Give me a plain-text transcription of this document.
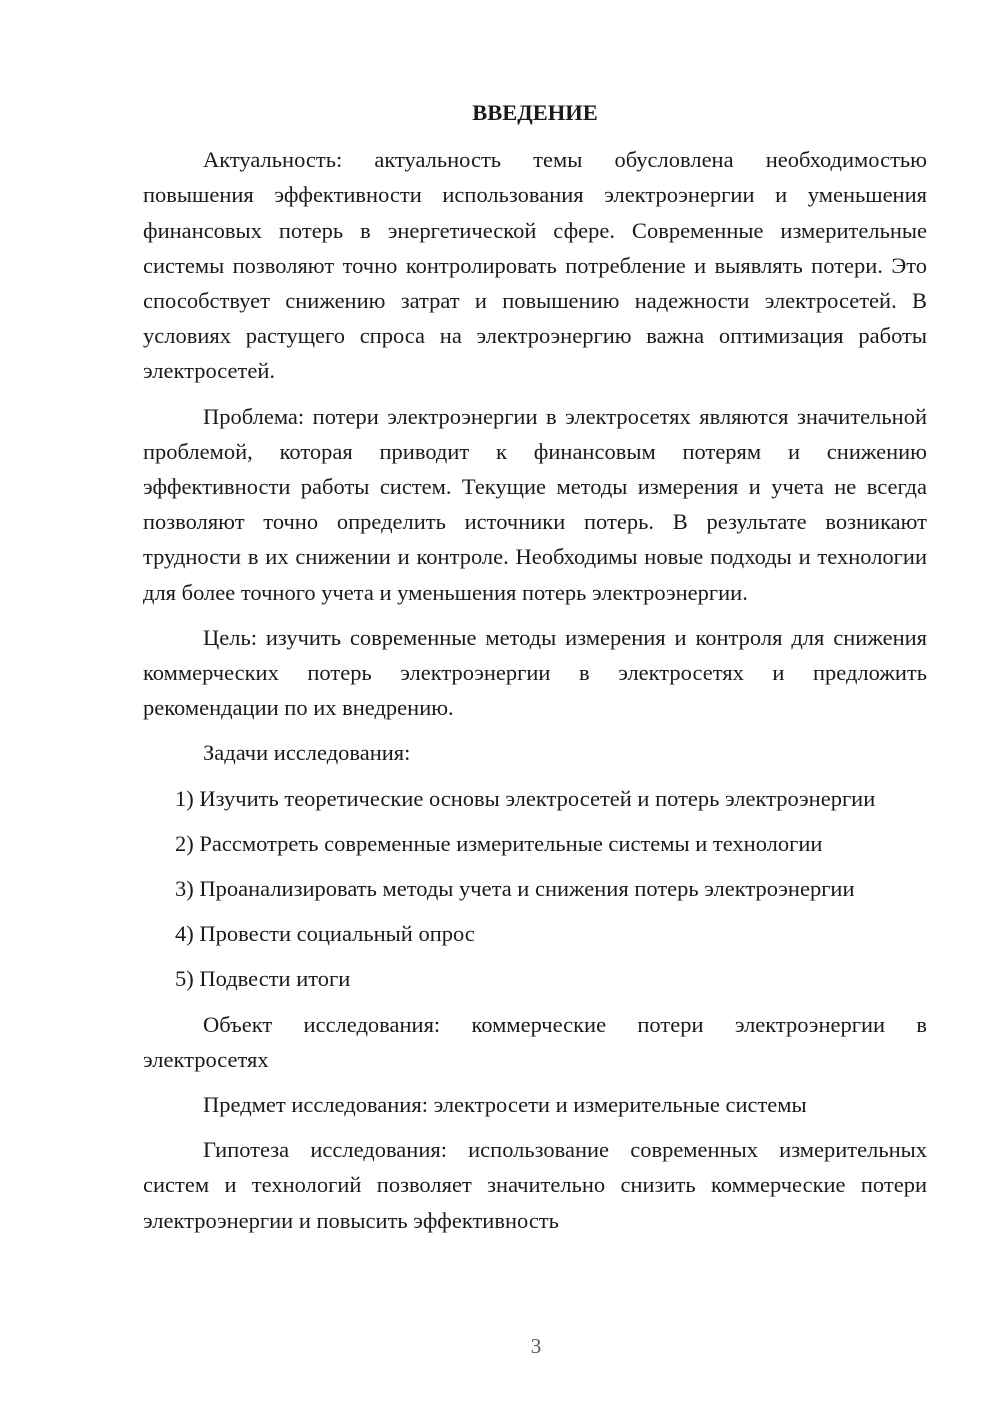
ВВЕДЕНИЕ

Актуальность: актуальность темы обусловлена необходимостью повышения эффективности использования электроэнергии и уменьшения финансовых потерь в энергетической сфере. Современные измерительные системы позволяют точно контролировать потребление и выявлять потери. Это способствует снижению затрат и повышению надежности электросетей. В условиях растущего спроса на электроэнергию важна оптимизация работы электросетей.

Проблема: потери электроэнергии в электросетях являются значительной проблемой, которая приводит к финансовым потерям и снижению эффективности работы систем. Текущие методы измерения и учета не всегда позволяют точно определить источники потерь. В результате возникают трудности в их снижении и контроле. Необходимы новые подходы и технологии для более точного учета и уменьшения потерь электроэнергии.

Цель: изучить современные методы измерения и контроля для снижения коммерческих потерь электроэнергии в электросетях и предложить рекомендации по их внедрению.

Задачи исследования:

1) Изучить теоретические основы электросетей и потерь электроэнергии

2) Рассмотреть современные измерительные системы и технологии

3) Проанализировать методы учета и снижения потерь электроэнергии

4) Провести социальный опрос

5) Подвести итоги

Объект исследования: коммерческие потери электроэнергии в электросетях

Предмет исследования: электросети и измерительные системы

Гипотеза исследования: использование современных измерительных систем и технологий позволяет значительно снизить коммерческие потери электроэнергии и повысить эффективность

3
